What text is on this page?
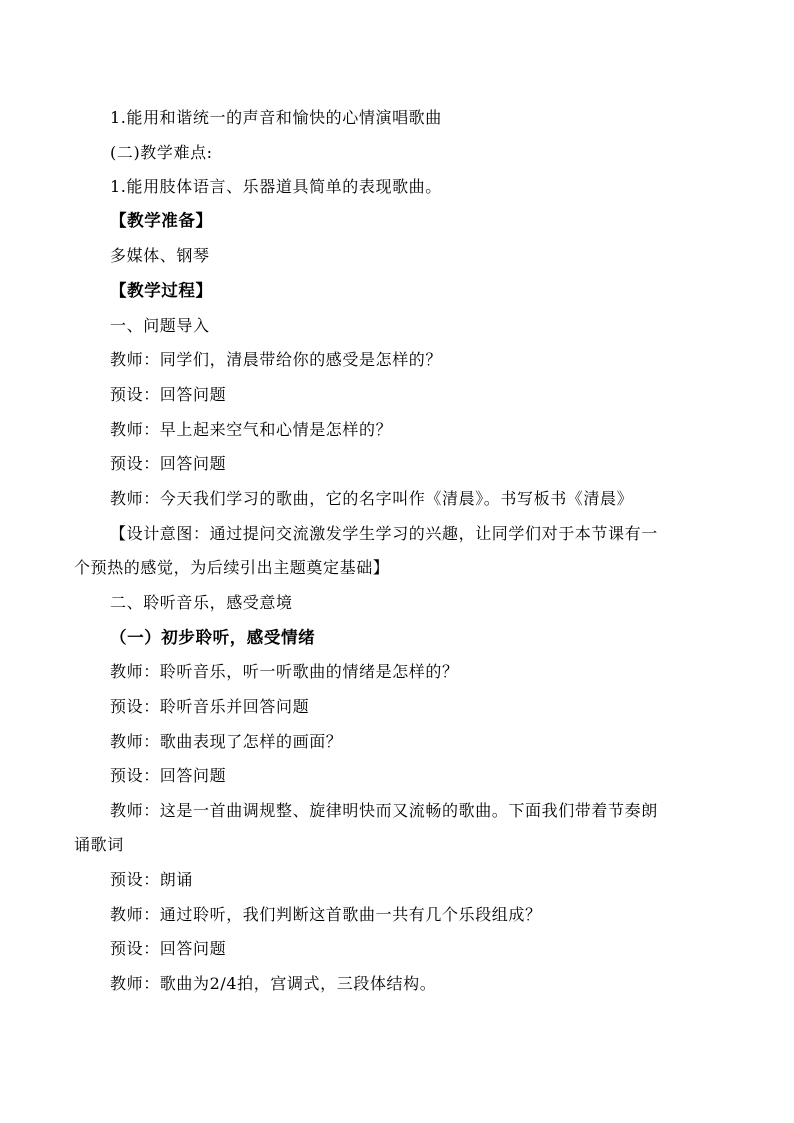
1.能用和谐统一的声音和愉快的心情演唱歌曲
(二)教学难点:
1.能用肢体语言、乐器道具简单的表现歌曲。
【教学准备】
多媒体、钢琴
【教学过程】
一、问题导入
教师：同学们，清晨带给你的感受是怎样的？
预设：回答问题
教师：早上起来空气和心情是怎样的？
预设：回答问题
教师：今天我们学习的歌曲，它的名字叫作《清晨》。书写板书《清晨》
【设计意图：通过提问交流激发学生学习的兴趣，让同学们对于本节课有一
个预热的感觉，为后续引出主题奠定基础】
二、聆听音乐，感受意境
（一）初步聆听，感受情绪
教师：聆听音乐，听一听歌曲的情绪是怎样的？
预设：聆听音乐并回答问题
教师：歌曲表现了怎样的画面？
预设：回答问题
教师：这是一首曲调规整、旋律明快而又流畅的歌曲。下面我们带着节奏朗
诵歌词
预设：朗诵
教师：通过聆听，我们判断这首歌曲一共有几个乐段组成？
预设：回答问题
教师：歌曲为2/4拍，宫调式，三段体结构。
